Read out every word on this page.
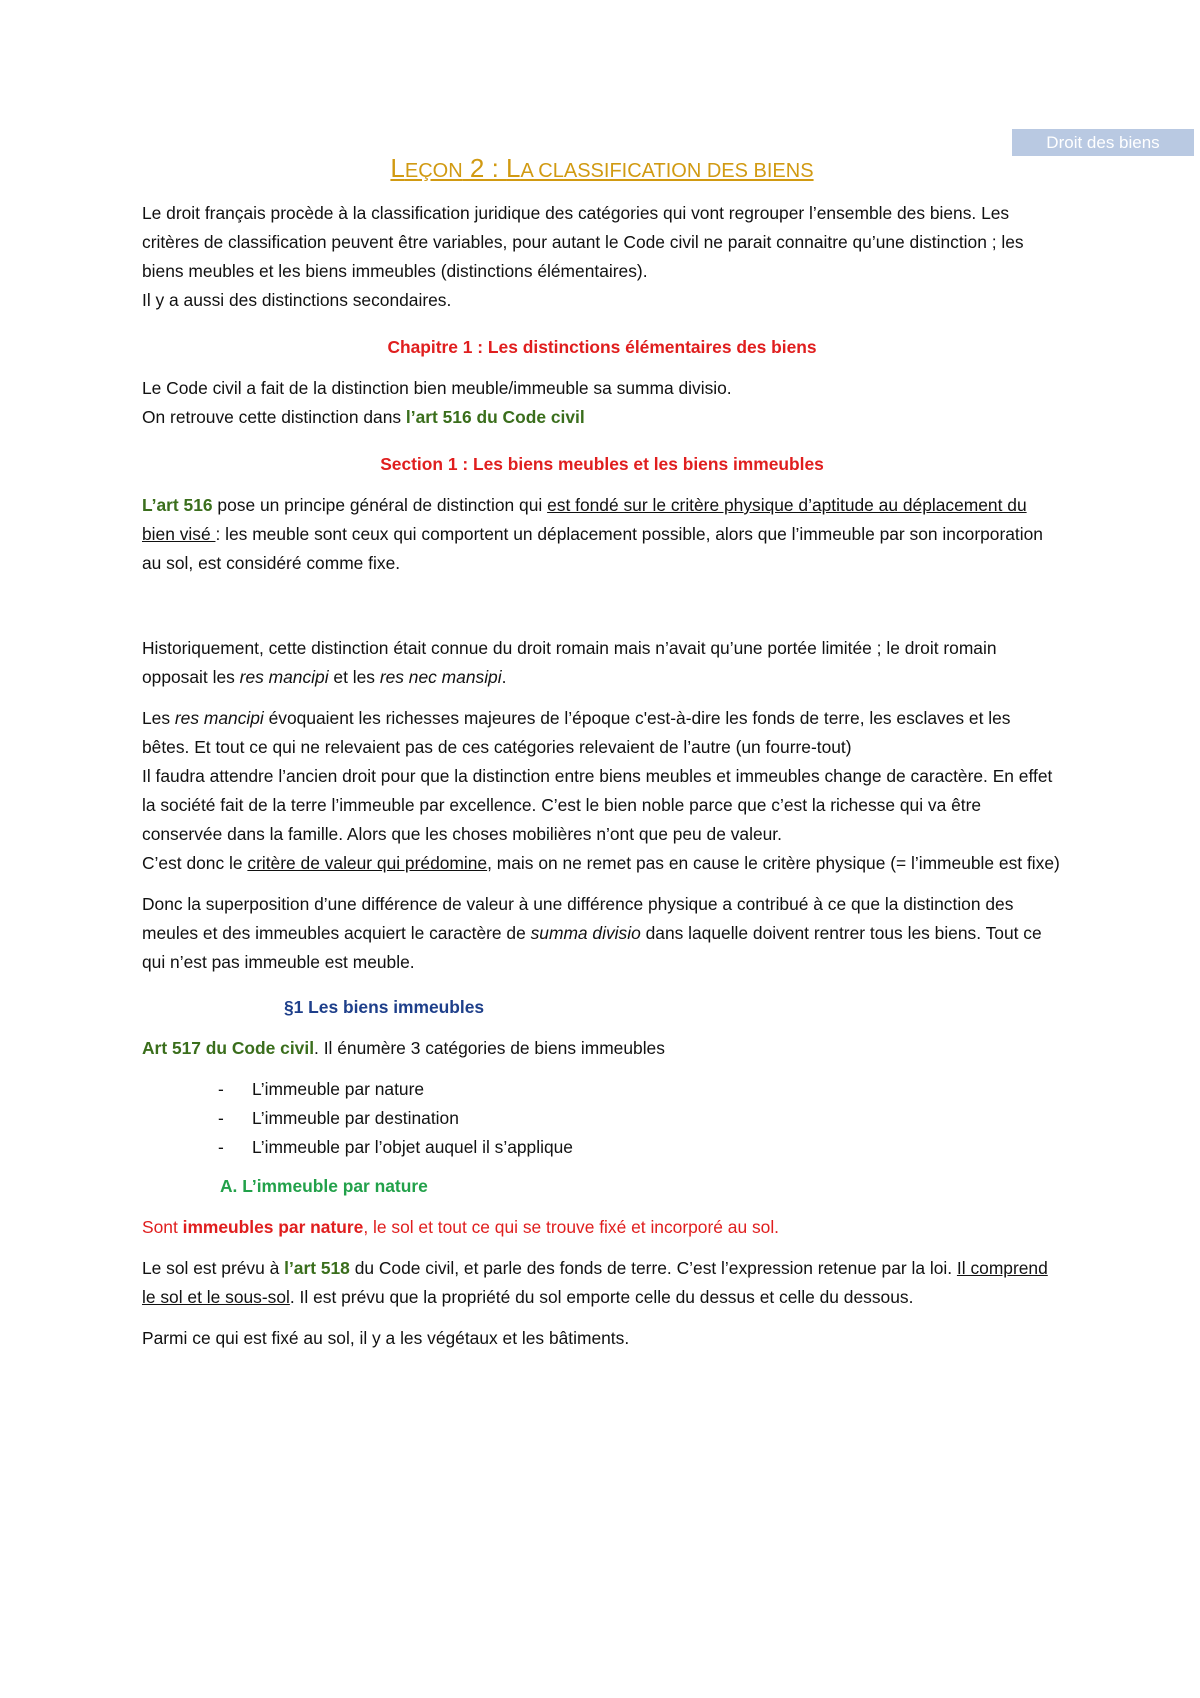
Droit des biens
LEÇON 2 : LA CLASSIFICATION DES BIENS

Le droit français procède à la classification juridique des catégories qui vont regrouper l’ensemble des biens. Les critères de classification peuvent être variables, pour autant le Code civil ne parait connaitre qu’une distinction ; les biens meubles et les biens immeubles (distinctions élémentaires).
Il y a aussi des distinctions secondaires.

Chapitre 1 : Les distinctions élémentaires des biens

Le Code civil a fait de la distinction bien meuble/immeuble sa summa divisio.
On retrouve cette distinction dans l’art 516 du Code civil

Section 1 : Les biens meubles et les biens immeubles

L’art 516 pose un principe général de distinction qui est fondé sur le critère physique d’aptitude au déplacement du bien visé : les meuble sont ceux qui comportent un déplacement possible, alors que l’immeuble par son incorporation au sol, est considéré comme fixe.

Historiquement, cette distinction était connue du droit romain mais n’avait qu’une portée limitée ; le droit romain opposait les res mancipi et les res nec mansipi.

Les res mancipi évoquaient les richesses majeures de l’époque c'est-à-dire les fonds de terre, les esclaves et les bêtes. Et tout ce qui ne relevaient pas de ces catégories relevaient de l’autre (un fourre-tout)
Il faudra attendre l’ancien droit pour que la distinction entre biens meubles et immeubles change de caractère. En effet la société fait de la terre l’immeuble par excellence. C’est le bien noble parce que c’est la richesse qui va être conservée dans la famille. Alors que les choses mobilières n’ont que peu de valeur.
C’est donc le critère de valeur qui prédomine, mais on ne remet pas en cause le critère physique (= l’immeuble est fixe)

Donc la superposition d’une différence de valeur à une différence physique a contribué à ce que la distinction des meules et des immeubles acquiert le caractère de summa divisio dans laquelle doivent rentrer tous les biens. Tout ce qui n’est pas immeuble est meuble.

§1 Les biens immeubles

Art 517 du Code civil. Il énumère 3 catégories de biens immeubles

- L’immeuble par nature
- L’immeuble par destination
- L’immeuble par l’objet auquel il s’applique

A. L’immeuble par nature

Sont immeubles par nature, le sol et tout ce qui se trouve fixé et incorporé au sol.

Le sol est prévu à l’art 518 du Code civil, et parle des fonds de terre. C’est l’expression retenue par la loi. Il comprend le sol et le sous-sol. Il est prévu que la propriété du sol emporte celle du dessus et celle du dessous.

Parmi ce qui est fixé au sol, il y a les végétaux et les bâtiments.
